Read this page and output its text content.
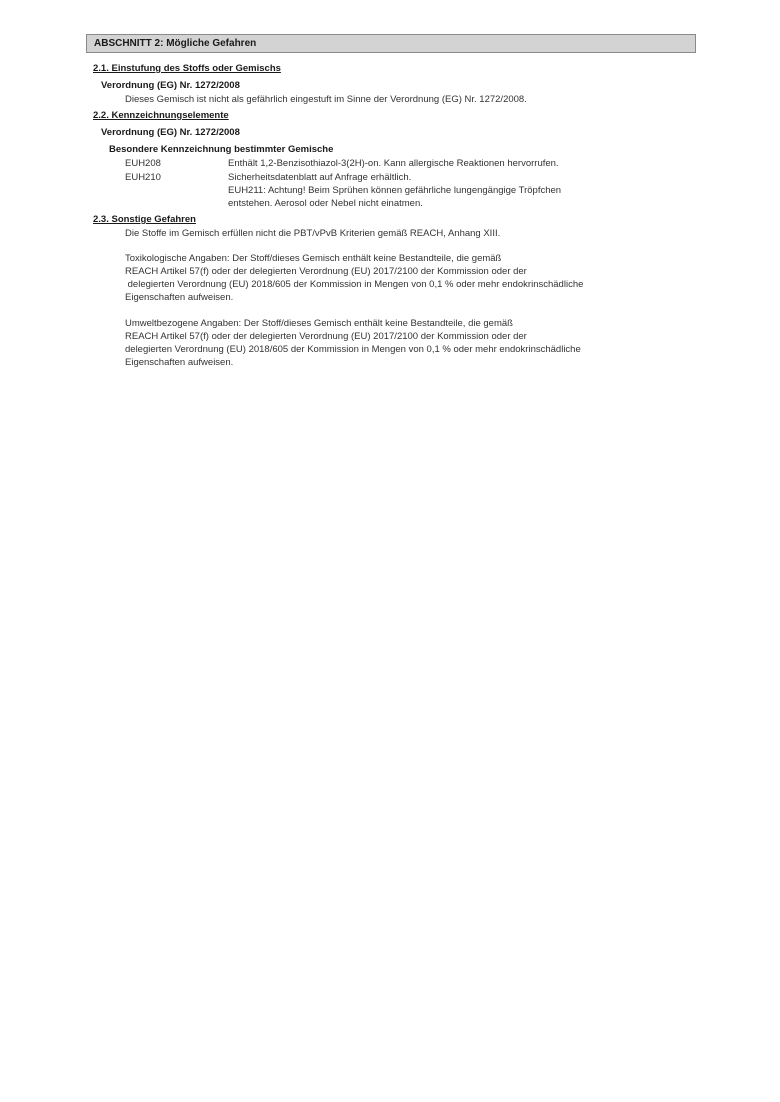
ABSCHNITT 2: Mögliche Gefahren
2.1. Einstufung des Stoffs oder Gemischs
Verordnung (EG) Nr. 1272/2008
Dieses Gemisch ist nicht als gefährlich eingestuft im Sinne der Verordnung (EG) Nr. 1272/2008.
2.2. Kennzeichnungselemente
Verordnung (EG) Nr. 1272/2008
Besondere Kennzeichnung bestimmter Gemische
EUH208	Enthält 1,2-Benzisothiazol-3(2H)-on. Kann allergische Reaktionen hervorrufen.
EUH210	Sicherheitsdatenblatt auf Anfrage erhältlich.
EUH211: Achtung! Beim Sprühen können gefährliche lungengängige Tröpfchen
entstehen. Aerosol oder Nebel nicht einatmen.
2.3. Sonstige Gefahren
Die Stoffe im Gemisch erfüllen nicht die PBT/vPvB Kriterien gemäß REACH, Anhang XIII.
Toxikologische Angaben: Der Stoff/dieses Gemisch enthält keine Bestandteile, die gemäß
REACH Artikel 57(f) oder der delegierten Verordnung (EU) 2017/2100 der Kommission oder der
delegierten Verordnung (EU) 2018/605 der Kommission in Mengen von 0,1 % oder mehr endokrinschädliche
Eigenschaften aufweisen.
Umweltbezogene Angaben: Der Stoff/dieses Gemisch enthält keine Bestandteile, die gemäß
REACH Artikel 57(f) oder der delegierten Verordnung (EU) 2017/2100 der Kommission oder der
delegierten Verordnung (EU) 2018/605 der Kommission in Mengen von 0,1 % oder mehr endokrinschädliche
Eigenschaften aufweisen.
